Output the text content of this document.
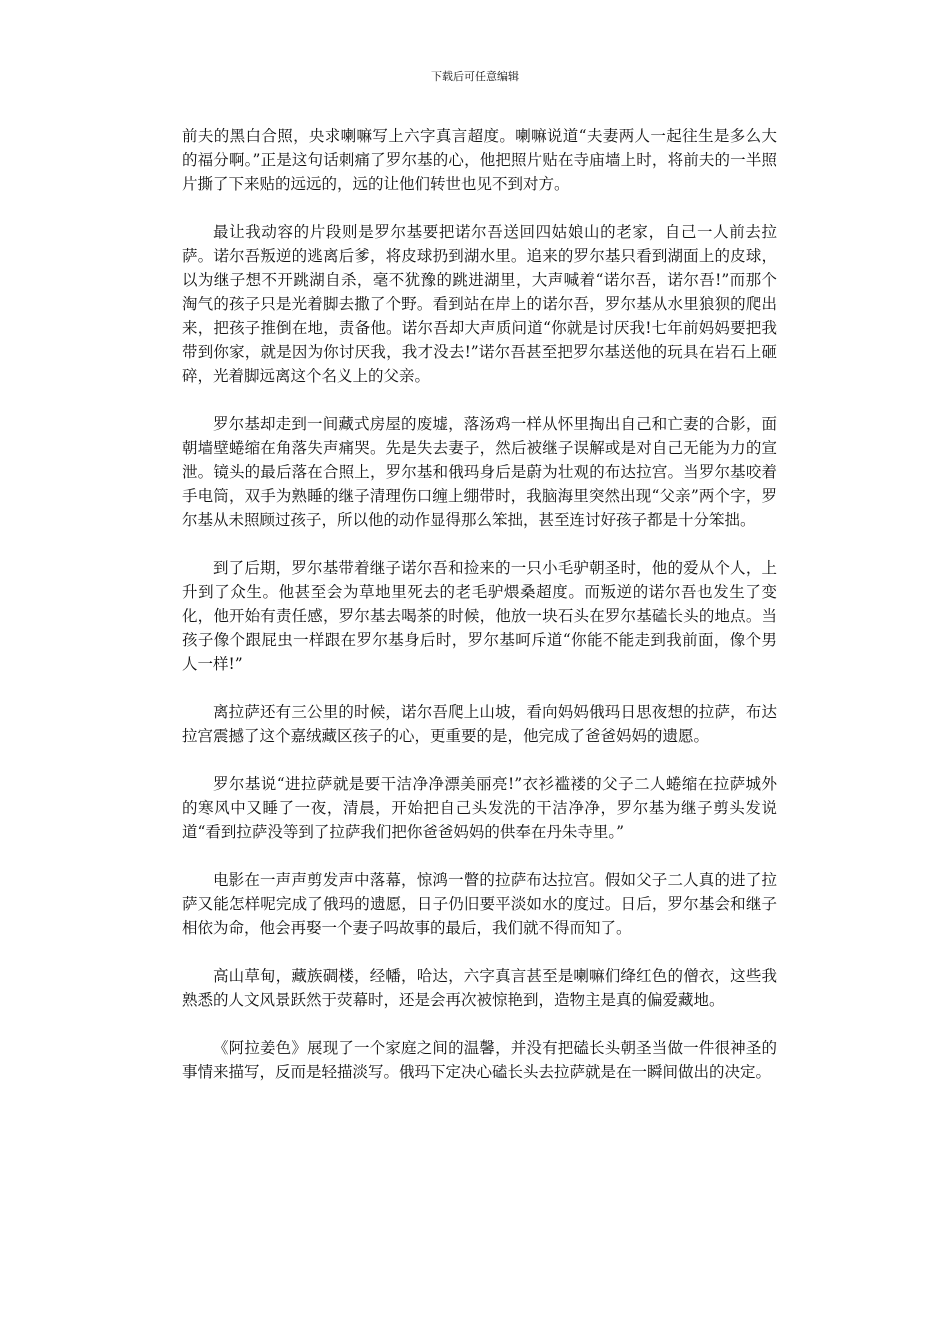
下载后可任意编辑

前夫的黑白合照，央求喇嘛写上六字真言超度。喇嘛说道“夫妻两人一起往生是多么大的福分啊。”正是这句话刺痛了罗尔基的心，他把照片贴在寺庙墙上时，将前夫的一半照片撕了下来贴的远远的，远的让他们转世也见不到对方。

最让我动容的片段则是罗尔基要把诺尔吾送回四姑娘山的老家，自己一人前去拉萨。诺尔吾叛逆的逃离后爹，将皮球扔到湖水里。追来的罗尔基只看到湖面上的皮球，以为继子想不开跳湖自杀，毫不犹豫的跳进湖里，大声喊着“诺尔吾，诺尔吾!”而那个淘气的孩子只是光着脚去撒了个野。看到站在岸上的诺尔吾，罗尔基从水里狼狈的爬出来，把孩子推倒在地，责备他。诺尔吾却大声质问道“你就是讨厌我!七年前妈妈要把我带到你家，就是因为你讨厌我，我才没去!”诺尔吾甚至把罗尔基送他的玩具在岩石上砸碎，光着脚远离这个名义上的父亲。

罗尔基却走到一间藏式房屋的废墟，落汤鸡一样从怀里掏出自己和亡妻的合影，面朝墙壁蜷缩在角落失声痛哭。先是失去妻子，然后被继子误解或是对自己无能为力的宣泄。镜头的最后落在合照上，罗尔基和俄玛身后是蔚为壮观的布达拉宫。当罗尔基咬着手电筒，双手为熟睡的继子清理伤口缠上绷带时，我脑海里突然出现“父亲”两个字，罗尔基从未照顾过孩子，所以他的动作显得那么笨拙，甚至连讨好孩子都是十分笨拙。

到了后期，罗尔基带着继子诺尔吾和捡来的一只小毛驴朝圣时，他的爱从个人，上升到了众生。他甚至会为草地里死去的老毛驴煨桑超度。而叛逆的诺尔吾也发生了变化，他开始有责任感，罗尔基去喝茶的时候，他放一块石头在罗尔基磕长头的地点。当孩子像个跟屁虫一样跟在罗尔基身后时，罗尔基呵斥道“你能不能走到我前面，像个男人一样!”

离拉萨还有三公里的时候，诺尔吾爬上山坡，看向妈妈俄玛日思夜想的拉萨，布达拉宫震撼了这个嘉绒藏区孩子的心，更重要的是，他完成了爸爸妈妈的遗愿。

罗尔基说“进拉萨就是要干洁净净漂美丽亮!”衣衫褴褛的父子二人蜷缩在拉萨城外的寒风中又睡了一夜，清晨，开始把自己头发洗的干洁净净，罗尔基为继子剪头发说道“看到拉萨没等到了拉萨我们把你爸爸妈妈的供奉在丹朱寺里。”

电影在一声声剪发声中落幕，惊鸿一瞥的拉萨布达拉宫。假如父子二人真的进了拉萨又能怎样呢完成了俄玛的遗愿，日子仍旧要平淡如水的度过。日后，罗尔基会和继子相依为命，他会再娶一个妻子吗故事的最后，我们就不得而知了。

高山草甸，藏族碉楼，经幡，哈达，六字真言甚至是喇嘛们绛红色的僧衣，这些我熟悉的人文风景跃然于荧幕时，还是会再次被惊艳到，造物主是真的偏爱藏地。

《阿拉姜色》展现了一个家庭之间的温馨，并没有把磕长头朝圣当做一件很神圣的事情来描写，反而是轻描淡写。俄玛下定决心磕长头去拉萨就是在一瞬间做出的决定。
